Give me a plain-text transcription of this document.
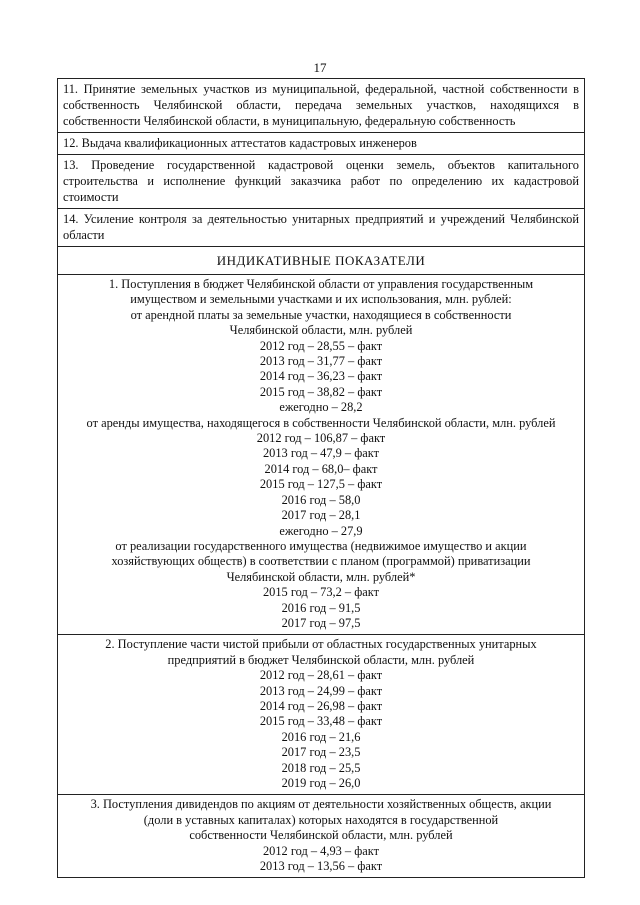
17
11. Принятие земельных участков из муниципальной, федеральной, частной собственности в собственность Челябинской области, передача земельных участков, находящихся в собственности Челябинской области, в муниципальную, федеральную собственность
12. Выдача квалификационных аттестатов кадастровых инженеров
13. Проведение государственной кадастровой оценки земель, объектов капитального строительства и исполнение функций заказчика работ по определению их кадастровой стоимости
14. Усиление контроля за деятельностью унитарных предприятий и учреждений Челябинской области
ИНДИКАТИВНЫЕ ПОКАЗАТЕЛИ
1. Поступления в бюджет Челябинской области от управления государственным
имуществом и земельными участками и их использования, млн. рублей:
от арендной платы за земельные участки, находящиеся в собственности
Челябинской области, млн. рублей
2012 год – 28,55 – факт
2013 год – 31,77 – факт
2014 год – 36,23 – факт
2015 год – 38,82 – факт
ежегодно – 28,2
от аренды имущества, находящегося в собственности Челябинской области, млн. рублей
2012 год – 106,87 – факт
2013 год – 47,9 – факт
2014 год – 68,0– факт
2015 год – 127,5 – факт
2016 год – 58,0
2017 год – 28,1
ежегодно – 27,9
от реализации государственного имущества (недвижимое имущество и акции
хозяйствующих обществ) в соответствии с планом (программой) приватизации
Челябинской области, млн. рублей*
2015 год – 73,2 – факт
2016 год – 91,5
2017 год – 97,5
2. Поступление части чистой прибыли от областных государственных унитарных
предприятий в бюджет Челябинской области, млн. рублей
2012 год – 28,61 – факт
2013 год – 24,99 – факт
2014 год – 26,98 – факт
2015 год – 33,48 – факт
2016 год – 21,6
2017 год – 23,5
2018 год – 25,5
2019 год – 26,0
3. Поступления дивидендов по акциям от деятельности хозяйственных обществ, акции
(доли в уставных капиталах) которых находятся в государственной
собственности Челябинской области, млн. рублей
2012 год – 4,93 – факт
2013 год – 13,56 – факт
